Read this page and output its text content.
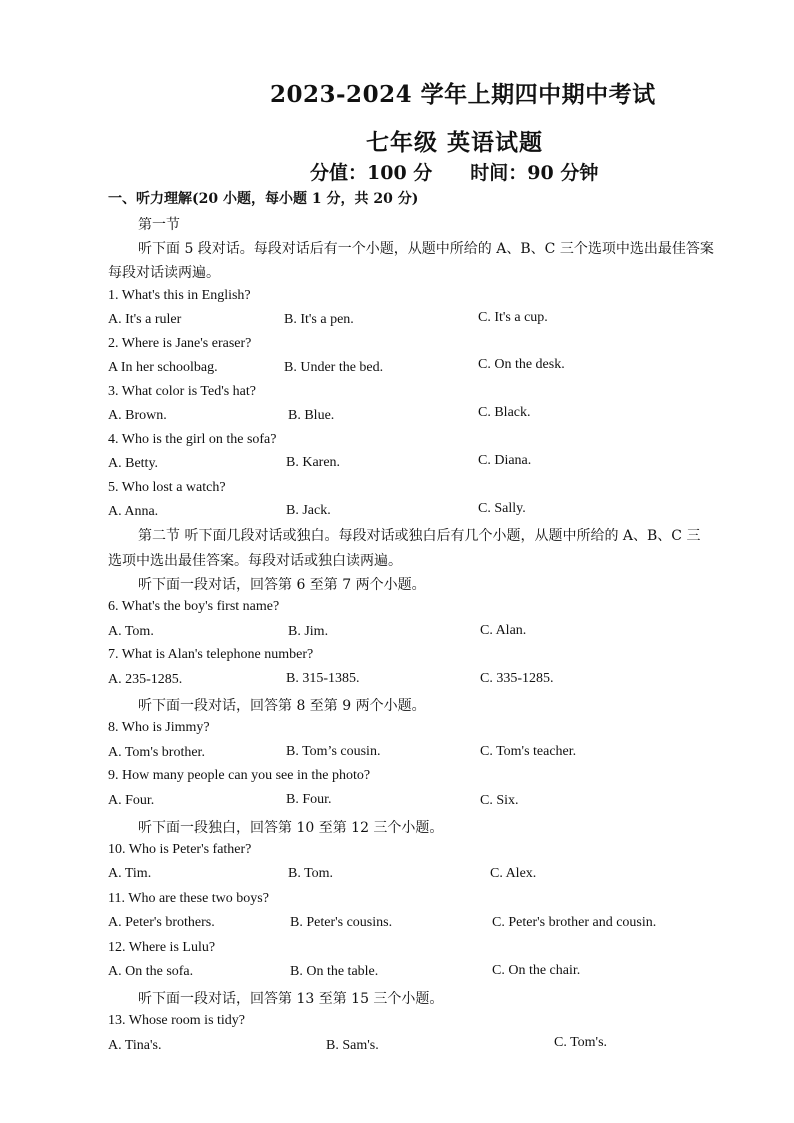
2023-2024 学年上期四中期中考试
七年级 英语试题
分值：100 分 时间：90 分钟
一、听力理解(20 小题，每小题 1 分，共 20 分)
第一节
听下面 5 段对话。每段对话后有一个小题，从题中所给的 A、B、C 三个选项中选出最佳答案
每段对话读两遍。
1. What's this in English?
A. It's a ruler	B. It's a pen.	C. It's a cup.
2. Where is Jane's eraser?
A In her schoolbag.	B. Under the bed.	C. On the desk.
3. What color is Ted's hat?
A. Brown.	B. Blue.	C. Black.
4. Who is the girl on the sofa?
A. Betty.	B. Karen.	C. Diana.
5. Who lost a watch?
A. Anna.	B. Jack.	C. Sally.
第二节 听下面几段对话或独白。每段对话或独白后有几个小题，从题中所给的 A、B、C 三
选项中选出最佳答案。每段对话或独白读两遍。
听下面一段对话，回答第 6 至第 7 两个小题。
6. What's the boy's first name?
A. Tom.	B. Jim.	C. Alan.
7. What is Alan's telephone number?
A. 235-1285.	B. 315-1385.	C. 335-1285.
听下面一段对话，回答第 8 至第 9 两个小题。
8. Who is Jimmy?
A. Tom's brother.	B. Tom’s cousin.	C. Tom's teacher.
9. How many people can you see in the photo?
A. Four.	B. Four.	C. Six.
听下面一段独白，回答第 10 至第 12 三个小题。
10. Who is Peter's father?
A. Tim.	B. Tom.	C. Alex.
11. Who are these two boys?
A. Peter's brothers.	B. Peter's cousins.	C. Peter's brother and cousin.
12. Where is Lulu?
A. On the sofa.	B. On the table.	C. On the chair.
听下面一段对话，回答第 13 至第 15 三个小题。
13. Whose room is tidy?
A. Tina's.	B. Sam's.	C. Tom's.
